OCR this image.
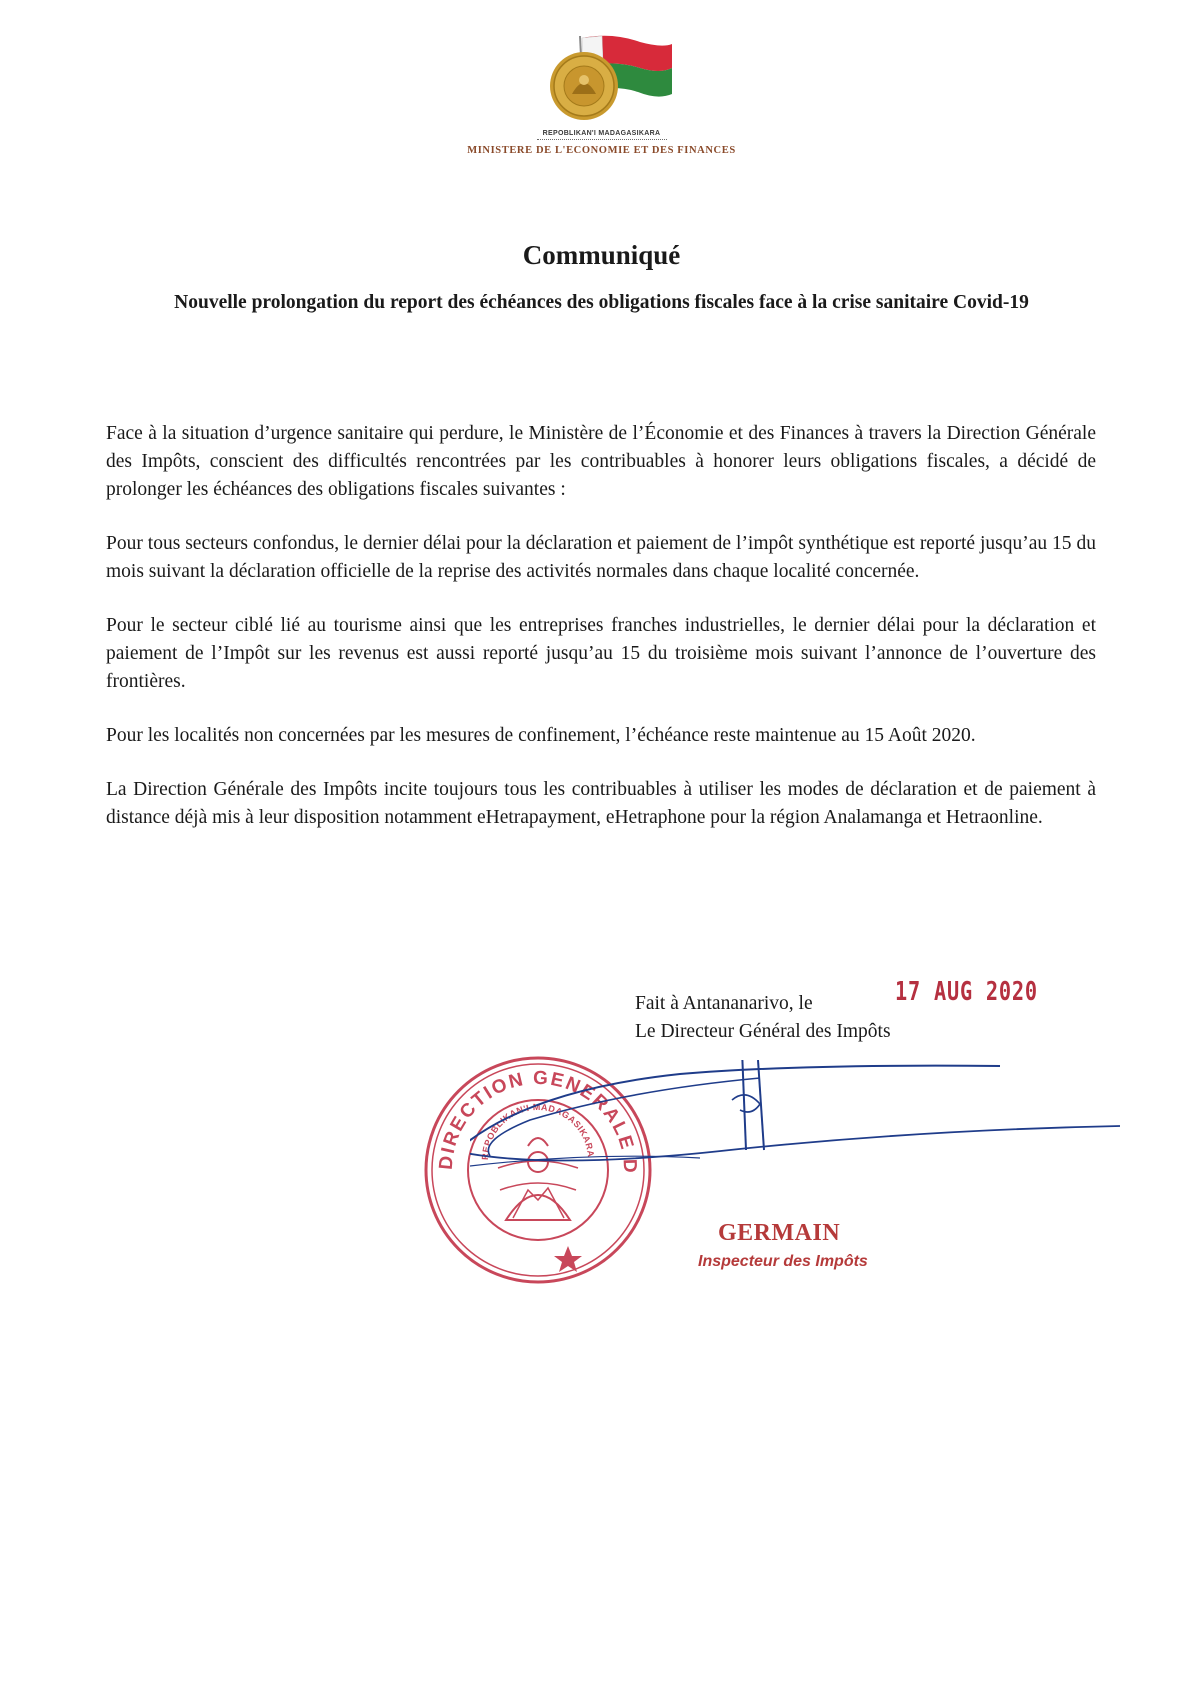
REPOBLIKAN'I MADAGASIKARA
MINISTERE DE L'ECONOMIE ET DES FINANCES
Communiqué
Nouvelle prolongation du report des échéances des obligations fiscales face à la crise sanitaire Covid-19

Face à la situation d’urgence sanitaire qui perdure, le Ministère de l’Économie et des Finances à travers la Direction Générale des Impôts, conscient des difficultés rencontrées par les contribuables à honorer leurs obligations fiscales, a décidé de prolonger les échéances des obligations fiscales suivantes :

Pour tous secteurs confondus, le dernier délai pour la déclaration et paiement de l’impôt synthétique est reporté jusqu’au 15 du mois suivant la déclaration officielle de la reprise des activités normales dans chaque localité concernée.

Pour le secteur ciblé lié au tourisme ainsi que les entreprises franches industrielles, le dernier délai pour la déclaration et paiement de l’Impôt sur les revenus est aussi reporté jusqu’au 15 du troisième mois suivant l’annonce de l’ouverture des frontières.

Pour les localités non concernées par les mesures de confinement, l’échéance reste maintenue au 15 Août 2020.

La Direction Générale des Impôts incite toujours tous les contribuables à utiliser les modes de déclaration et de paiement à distance déjà mis à leur disposition notamment eHetrapayment, eHetraphone pour la région Analamanga et Hetraonline.

Fait à Antananarivo, le
Le Directeur Général des Impôts
17 AUG 2020
DIRECTION GENERALE D
REPOBLIKAN'I MADAGASIKARA
GERMAIN
Inspecteur des Impôts
